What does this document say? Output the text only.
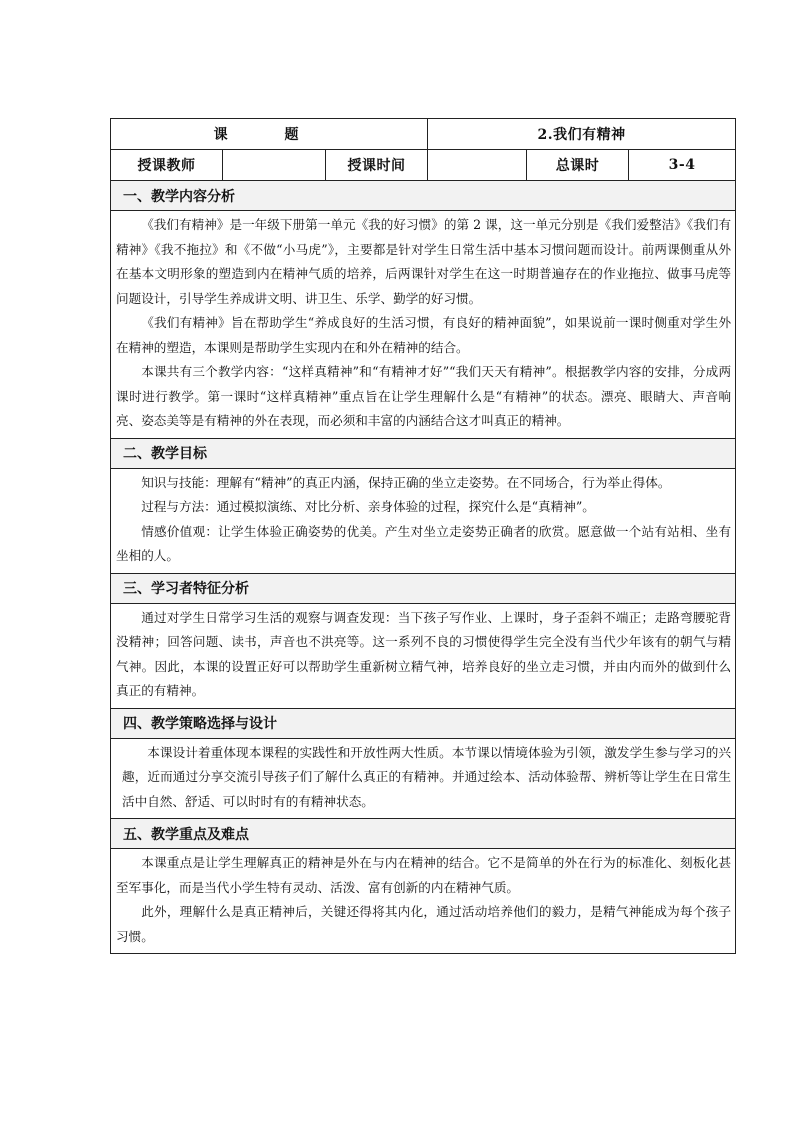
课 题			2.我们有精神		
授课教师		授课时间		总课时	3-4
一、教学内容分析					

《我们有精神》是一年级下册第一单元《我的好习惯》的第 2 课，这一单元分别是《我们爱整洁》《我们有精神》《我不拖拉》和《不做“小马虎”》，主要都是针对学生日常生活中基本习惯问题而设计。前两课侧重从外在基本文明形象的塑造到内在精神气质的培养，后两课针对学生在这一时期普遍存在的作业拖拉、做事马虎等问题设计，引导学生养成讲文明、讲卫生、乐学、勤学的好习惯。

《我们有精神》旨在帮助学生“养成良好的生活习惯，有良好的精神面貌”，如果说前一课时侧重对学生外在精神的塑造，本课则是帮助学生实现内在和外在精神的结合。

本课共有三个教学内容：“这样真精神”和“有精神才好”“我们天天有精神”。根据教学内容的安排，分成两课时进行教学。第一课时“这样真精神”重点旨在让学生理解什么是“有精神”的状态。漂亮、眼睛大、声音响亮、姿态美等是有精神的外在表现，而必须和丰富的内涵结合这才叫真正的精神。					

二、教学目标					

知识与技能：理解有“精神”的真正内涵，保持正确的坐立走姿势。在不同场合，行为举止得体。

过程与方法：通过模拟演练、对比分析、亲身体验的过程，探究什么是“真精神”。

情感价值观：让学生体验正确姿势的优美。产生对坐立走姿势正确者的欣赏。愿意做一个站有站相、坐有坐相的人。					

三、学习者特征分析					

通过对学生日常学习生活的观察与调查发现：当下孩子写作业、上课时，身子歪斜不端正；走路弯腰驼背没精神；回答问题、读书，声音也不洪亮等。这一系列不良的习惯使得学生完全没有当代少年该有的朝气与精气神。因此，本课的设置正好可以帮助学生重新树立精气神，培养良好的坐立走习惯，并由内而外的做到什么真正的有精神。					

四、教学策略选择与设计					

本课设计着重体现本课程的实践性和开放性两大性质。本节课以情境体验为引领，激发学生参与学习的兴趣，近而通过分享交流引导孩子们了解什么真正的有精神。并通过绘本、活动体验帮、辨析等让学生在日常生活中自然、舒适、可以时时有的有精神状态。					

五、教学重点及难点					

本课重点是让学生理解真正的精神是外在与内在精神的结合。它不是简单的外在行为的标准化、刻板化甚至军事化，而是当代小学生特有灵动、活泼、富有创新的内在精神气质。

此外，理解什么是真正精神后，关键还得将其内化，通过活动培养他们的毅力，是精气神能成为每个孩子习惯。					
